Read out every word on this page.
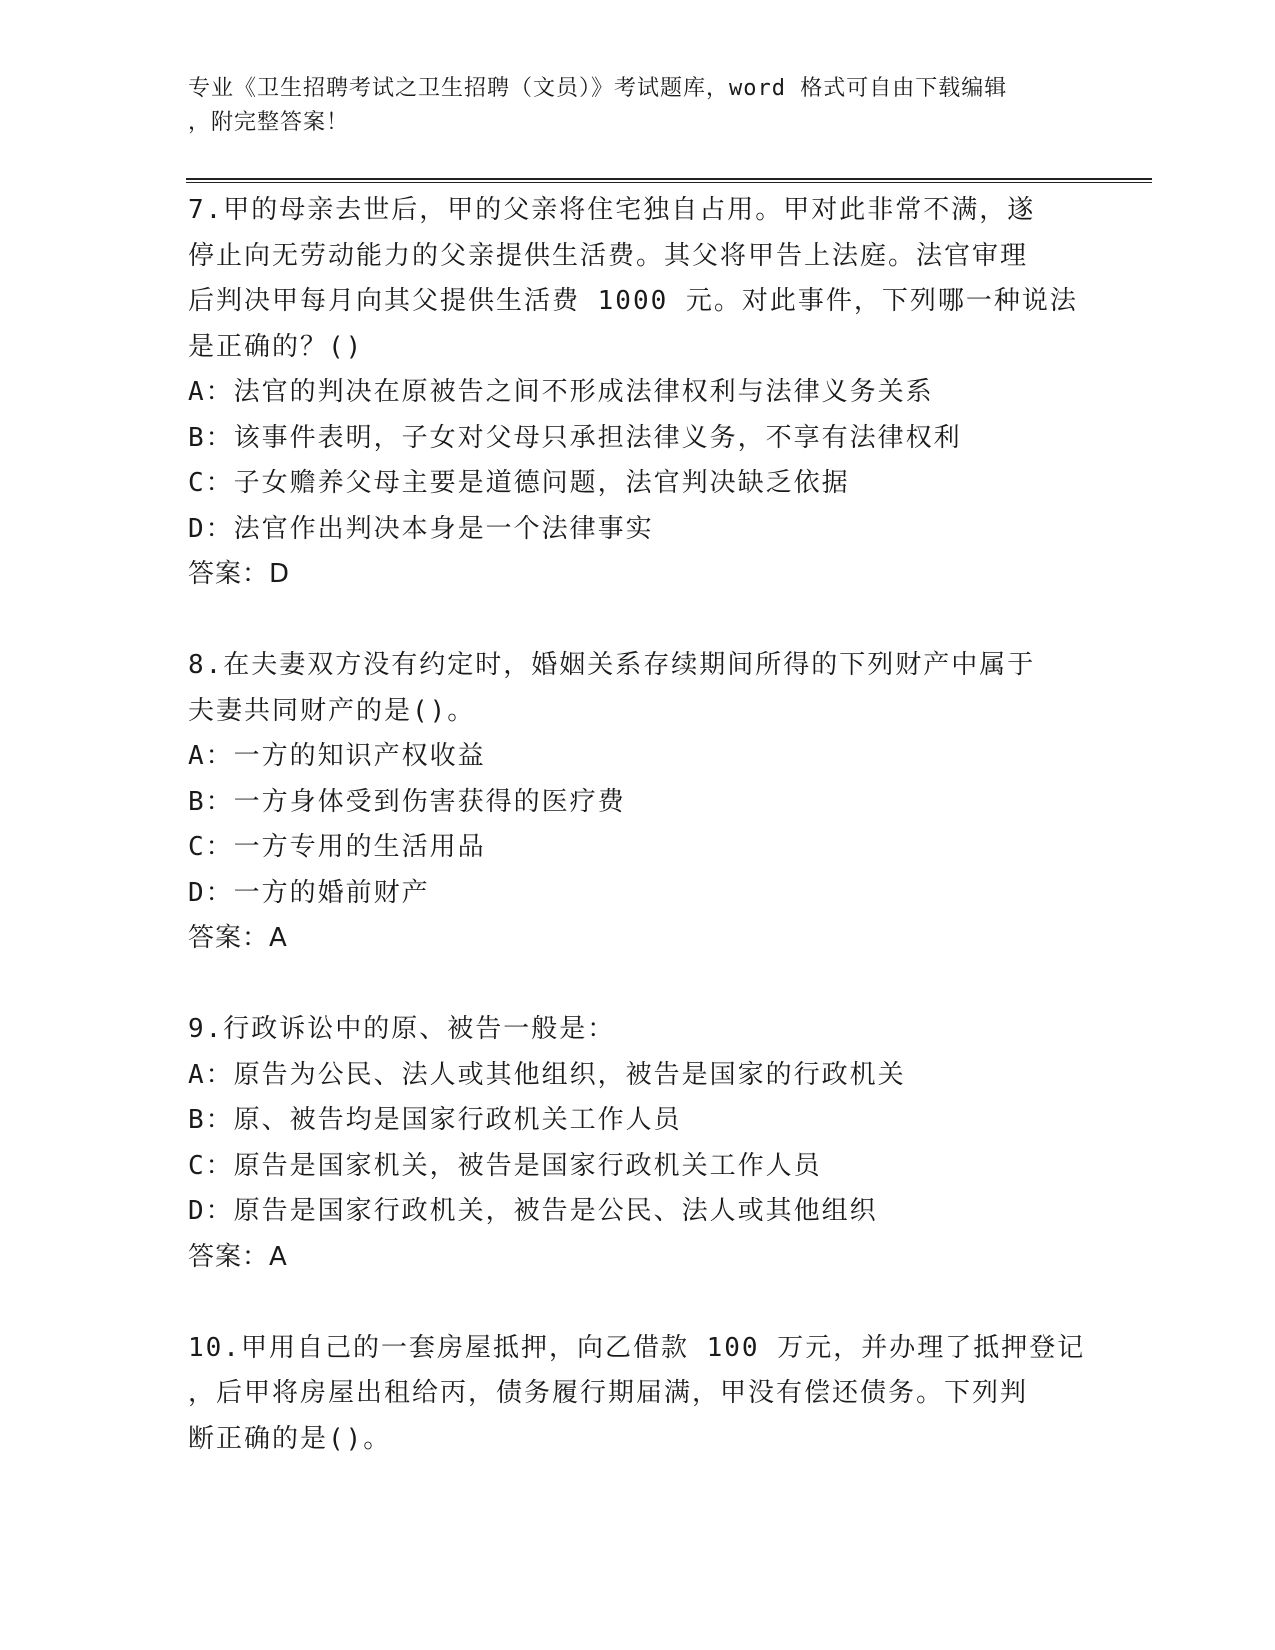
专业《卫生招聘考试之卫生招聘（文员）》考试题库，word 格式可自由下载编辑

，附完整答案！

7.甲的母亲去世后，甲的父亲将住宅独自占用。甲对此非常不满，遂

停止向无劳动能力的父亲提供生活费。其父将甲告上法庭。法官审理

后判决甲每月向其父提供生活费 1000 元。对此事件，下列哪一种说法

是正确的？()

A：法官的判决在原被告之间不形成法律权利与法律义务关系

B：该事件表明，子女对父母只承担法律义务，不享有法律权利

C：子女赡养父母主要是道德问题，法官判决缺乏依据

D：法官作出判决本身是一个法律事实

答案：D

8.在夫妻双方没有约定时，婚姻关系存续期间所得的下列财产中属于

夫妻共同财产的是()。

A：一方的知识产权收益

B：一方身体受到伤害获得的医疗费

C：一方专用的生活用品

D：一方的婚前财产

答案：A

9.行政诉讼中的原、被告一般是：

A：原告为公民、法人或其他组织，被告是国家的行政机关

B：原、被告均是国家行政机关工作人员

C：原告是国家机关，被告是国家行政机关工作人员

D：原告是国家行政机关，被告是公民、法人或其他组织

答案：A

10.甲用自己的一套房屋抵押，向乙借款 100 万元，并办理了抵押登记

，后甲将房屋出租给丙，债务履行期届满，甲没有偿还债务。下列判

断正确的是()。
